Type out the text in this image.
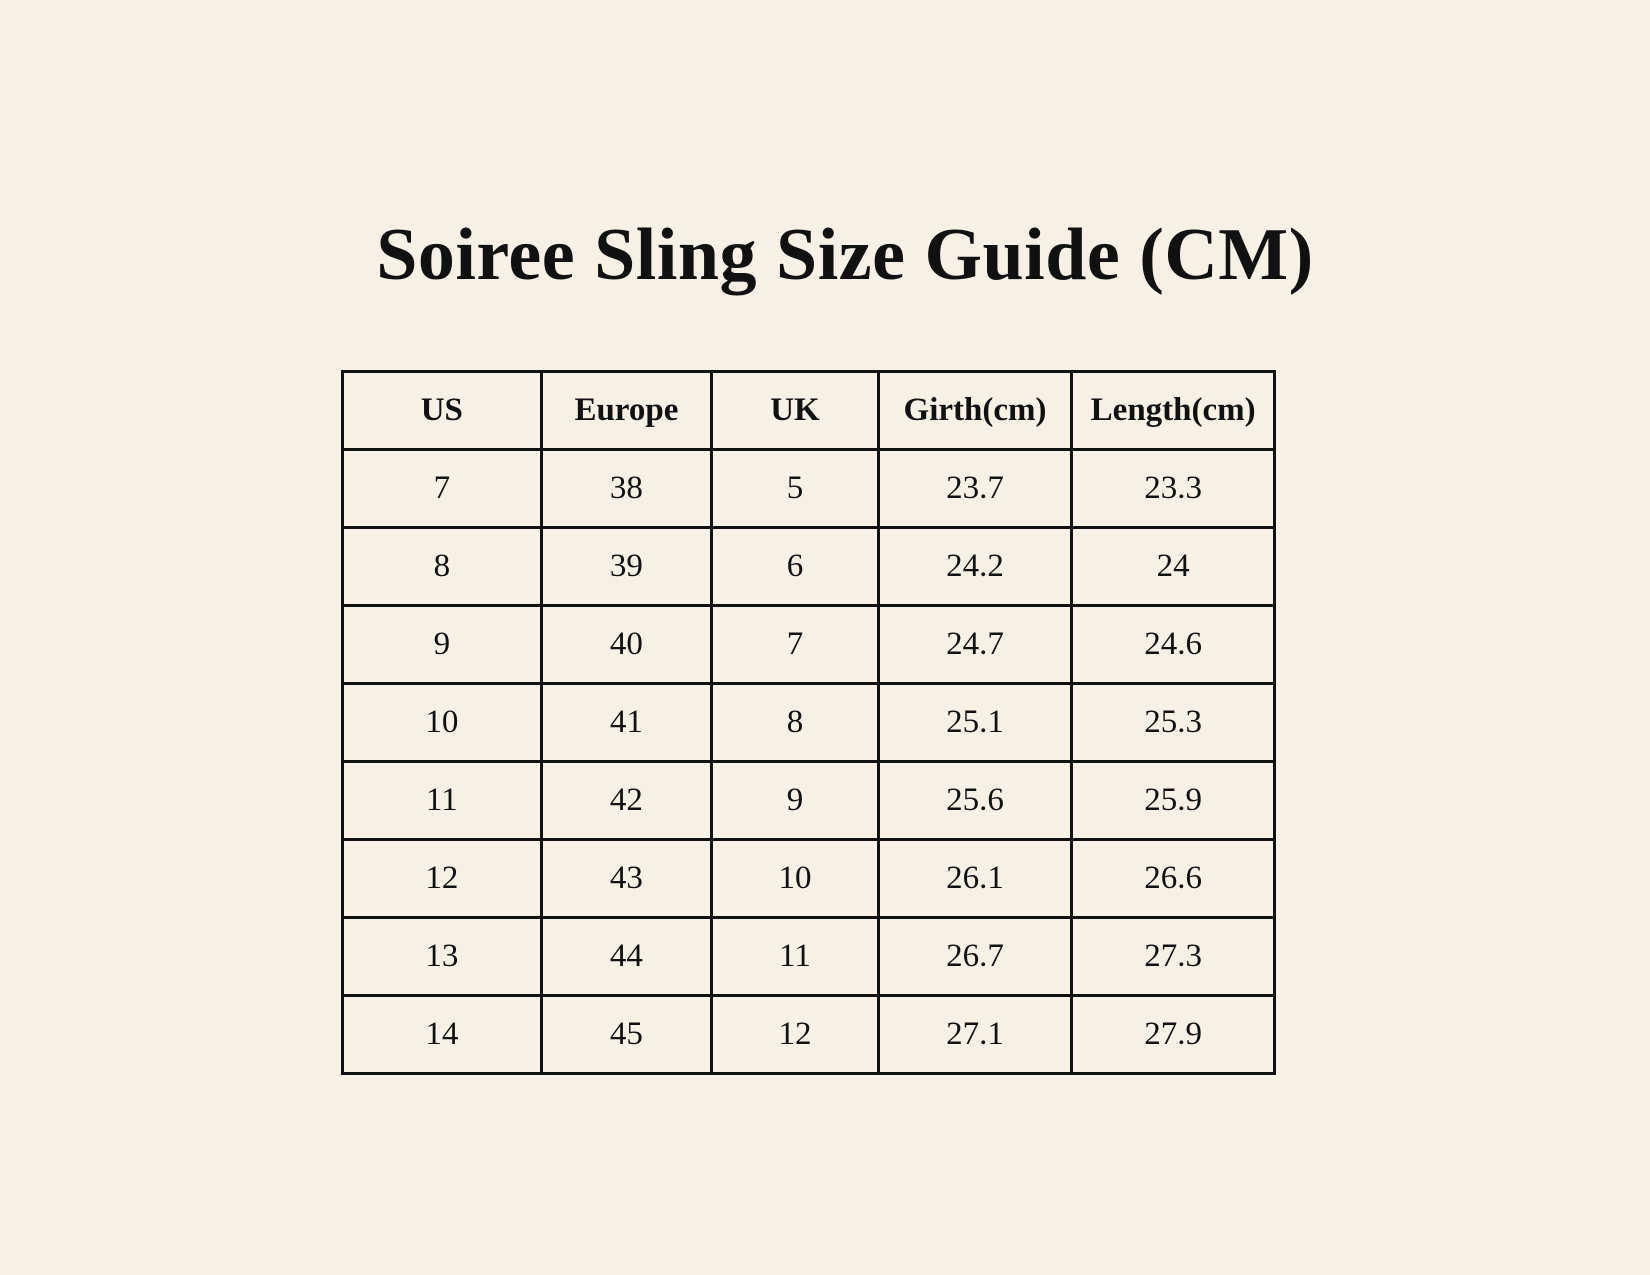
Soiree Sling Size Guide (CM)
US	Europe	UK	Girth(cm)	Length(cm)
7	38	5	23.7	23.3
8	39	6	24.2	24
9	40	7	24.7	24.6
10	41	8	25.1	25.3
11	42	9	25.6	25.9
12	43	10	26.1	26.6
13	44	11	26.7	27.3
14	45	12	27.1	27.9
